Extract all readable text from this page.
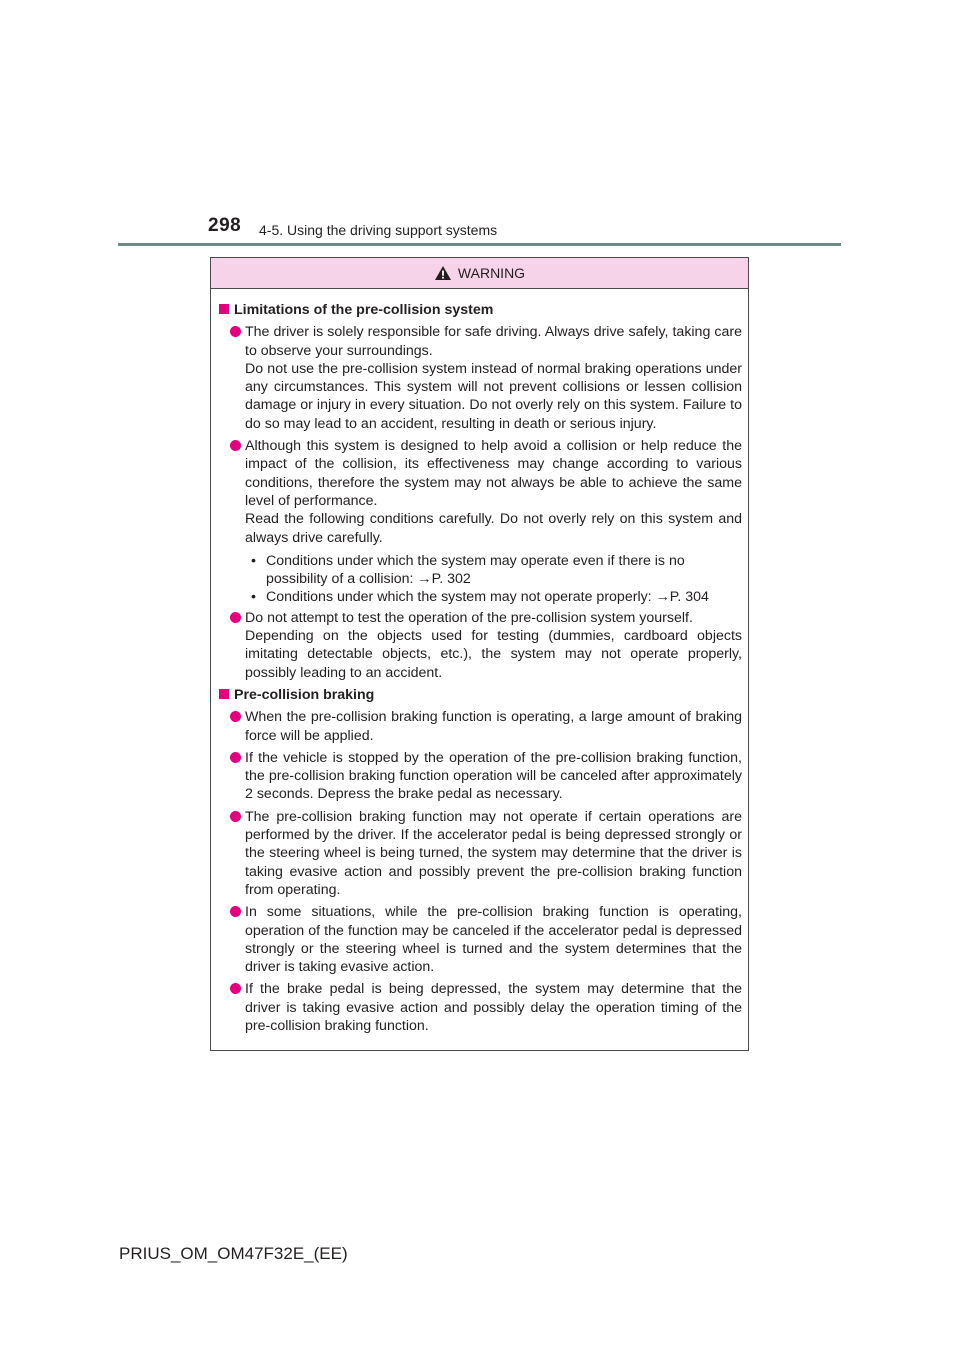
298 4-5. Using the driving support systems
WARNING
Limitations of the pre-collision system

The driver is solely responsible for safe driving. Always drive safely, taking care to observe your surroundings.

Do not use the pre-collision system instead of normal braking operations under any circumstances. This system will not prevent collisions or lessen collision damage or injury in every situation. Do not overly rely on this system. Failure to do so may lead to an accident, resulting in death or serious injury.

Although this system is designed to help avoid a collision or help reduce the impact of the collision, its effectiveness may change according to various conditions, therefore the system may not always be able to achieve the same level of performance.

Read the following conditions carefully. Do not overly rely on this system and always drive carefully.

• Conditions under which the system may operate even if there is no possibility of a collision: →P. 302
• Conditions under which the system may not operate properly: →P. 304

Do not attempt to test the operation of the pre-collision system yourself.

Depending on the objects used for testing (dummies, cardboard objects imitating detectable objects, etc.), the system may not operate properly, possibly leading to an accident.

Pre-collision braking

When the pre-collision braking function is operating, a large amount of braking force will be applied.

If the vehicle is stopped by the operation of the pre-collision braking function, the pre-collision braking function operation will be canceled after approximately 2 seconds. Depress the brake pedal as necessary.

The pre-collision braking function may not operate if certain operations are performed by the driver. If the accelerator pedal is being depressed strongly or the steering wheel is being turned, the system may determine that the driver is taking evasive action and possibly prevent the pre-collision braking function from operating.

In some situations, while the pre-collision braking function is operating, operation of the function may be canceled if the accelerator pedal is depressed strongly or the steering wheel is turned and the system determines that the driver is taking evasive action.

If the brake pedal is being depressed, the system may determine that the driver is taking evasive action and possibly delay the operation timing of the pre-collision braking function.

PRIUS_OM_OM47F32E_(EE)
